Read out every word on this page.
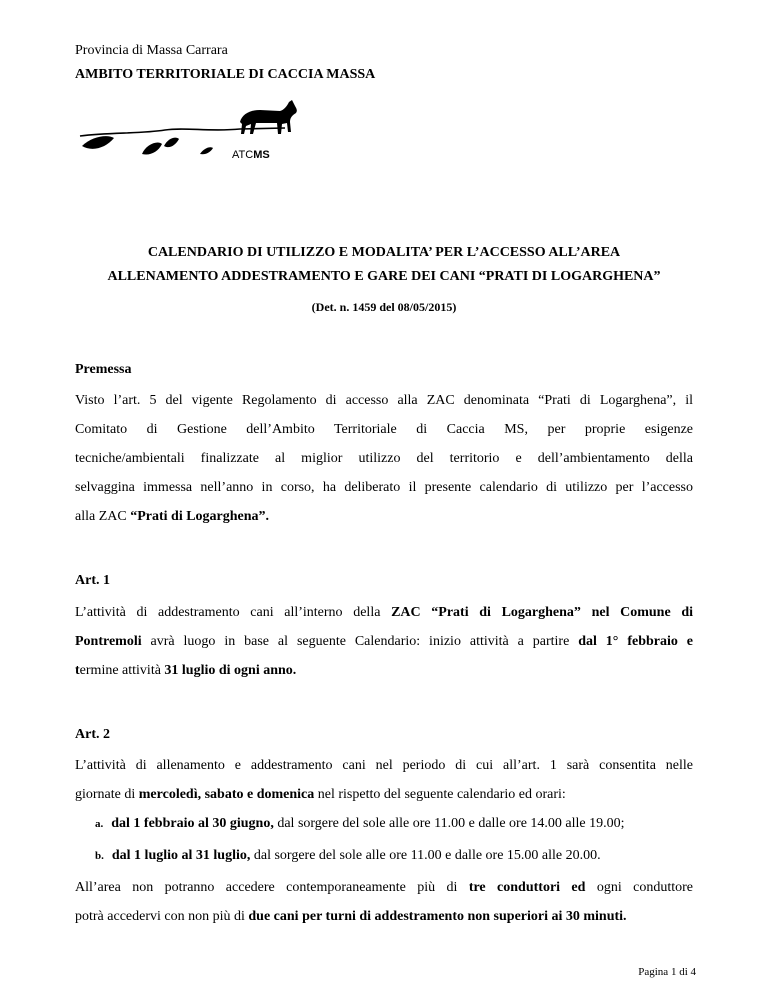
Provincia di Massa Carrara
AMBITO TERRITORIALE DI CACCIA MASSA
ATCMS
CALENDARIO DI UTILIZZO E MODALITA’ PER L’ACCESSO ALL’AREA
ALLENAMENTO ADDESTRAMENTO E GARE DEI CANI “PRATI DI LOGARGHENA”
(Det. n. 1459 del 08/05/2015)
Premessa
Visto l’art. 5 del vigente Regolamento di accesso alla ZAC denominata “Prati di Logarghena”, il
Comitato di Gestione dell’Ambito Territoriale di Caccia MS, per proprie esigenze
tecniche/ambientali finalizzate al miglior utilizzo del territorio e dell’ambientamento della
selvaggina immessa nell’anno in corso, ha deliberato il presente calendario di utilizzo per l’accesso
alla ZAC “Prati di Logarghena”.
Art. 1
L’attività di addestramento cani all’interno della ZAC “Prati di Logarghena” nel Comune di
Pontremoli avrà luogo in base al seguente Calendario: inizio attività a partire dal 1° febbraio e
termine attività 31 luglio di ogni anno.
Art. 2
L’attività di allenamento e addestramento cani nel periodo di cui all’art. 1 sarà consentita nelle
giornate di mercoledì, sabato e domenica nel rispetto del seguente calendario ed orari:
a. dal 1 febbraio al 30 giugno, dal sorgere del sole alle ore 11.00 e dalle ore 14.00 alle 19.00;
b. dal 1 luglio al 31 luglio, dal sorgere del sole alle ore 11.00 e dalle ore 15.00 alle 20.00.
All’area non potranno accedere contemporaneamente più di tre conduttori ed ogni conduttore
potrà accedervi con non più di due cani per turni di addestramento non superiori ai 30 minuti.
Pagina 1 di 4
